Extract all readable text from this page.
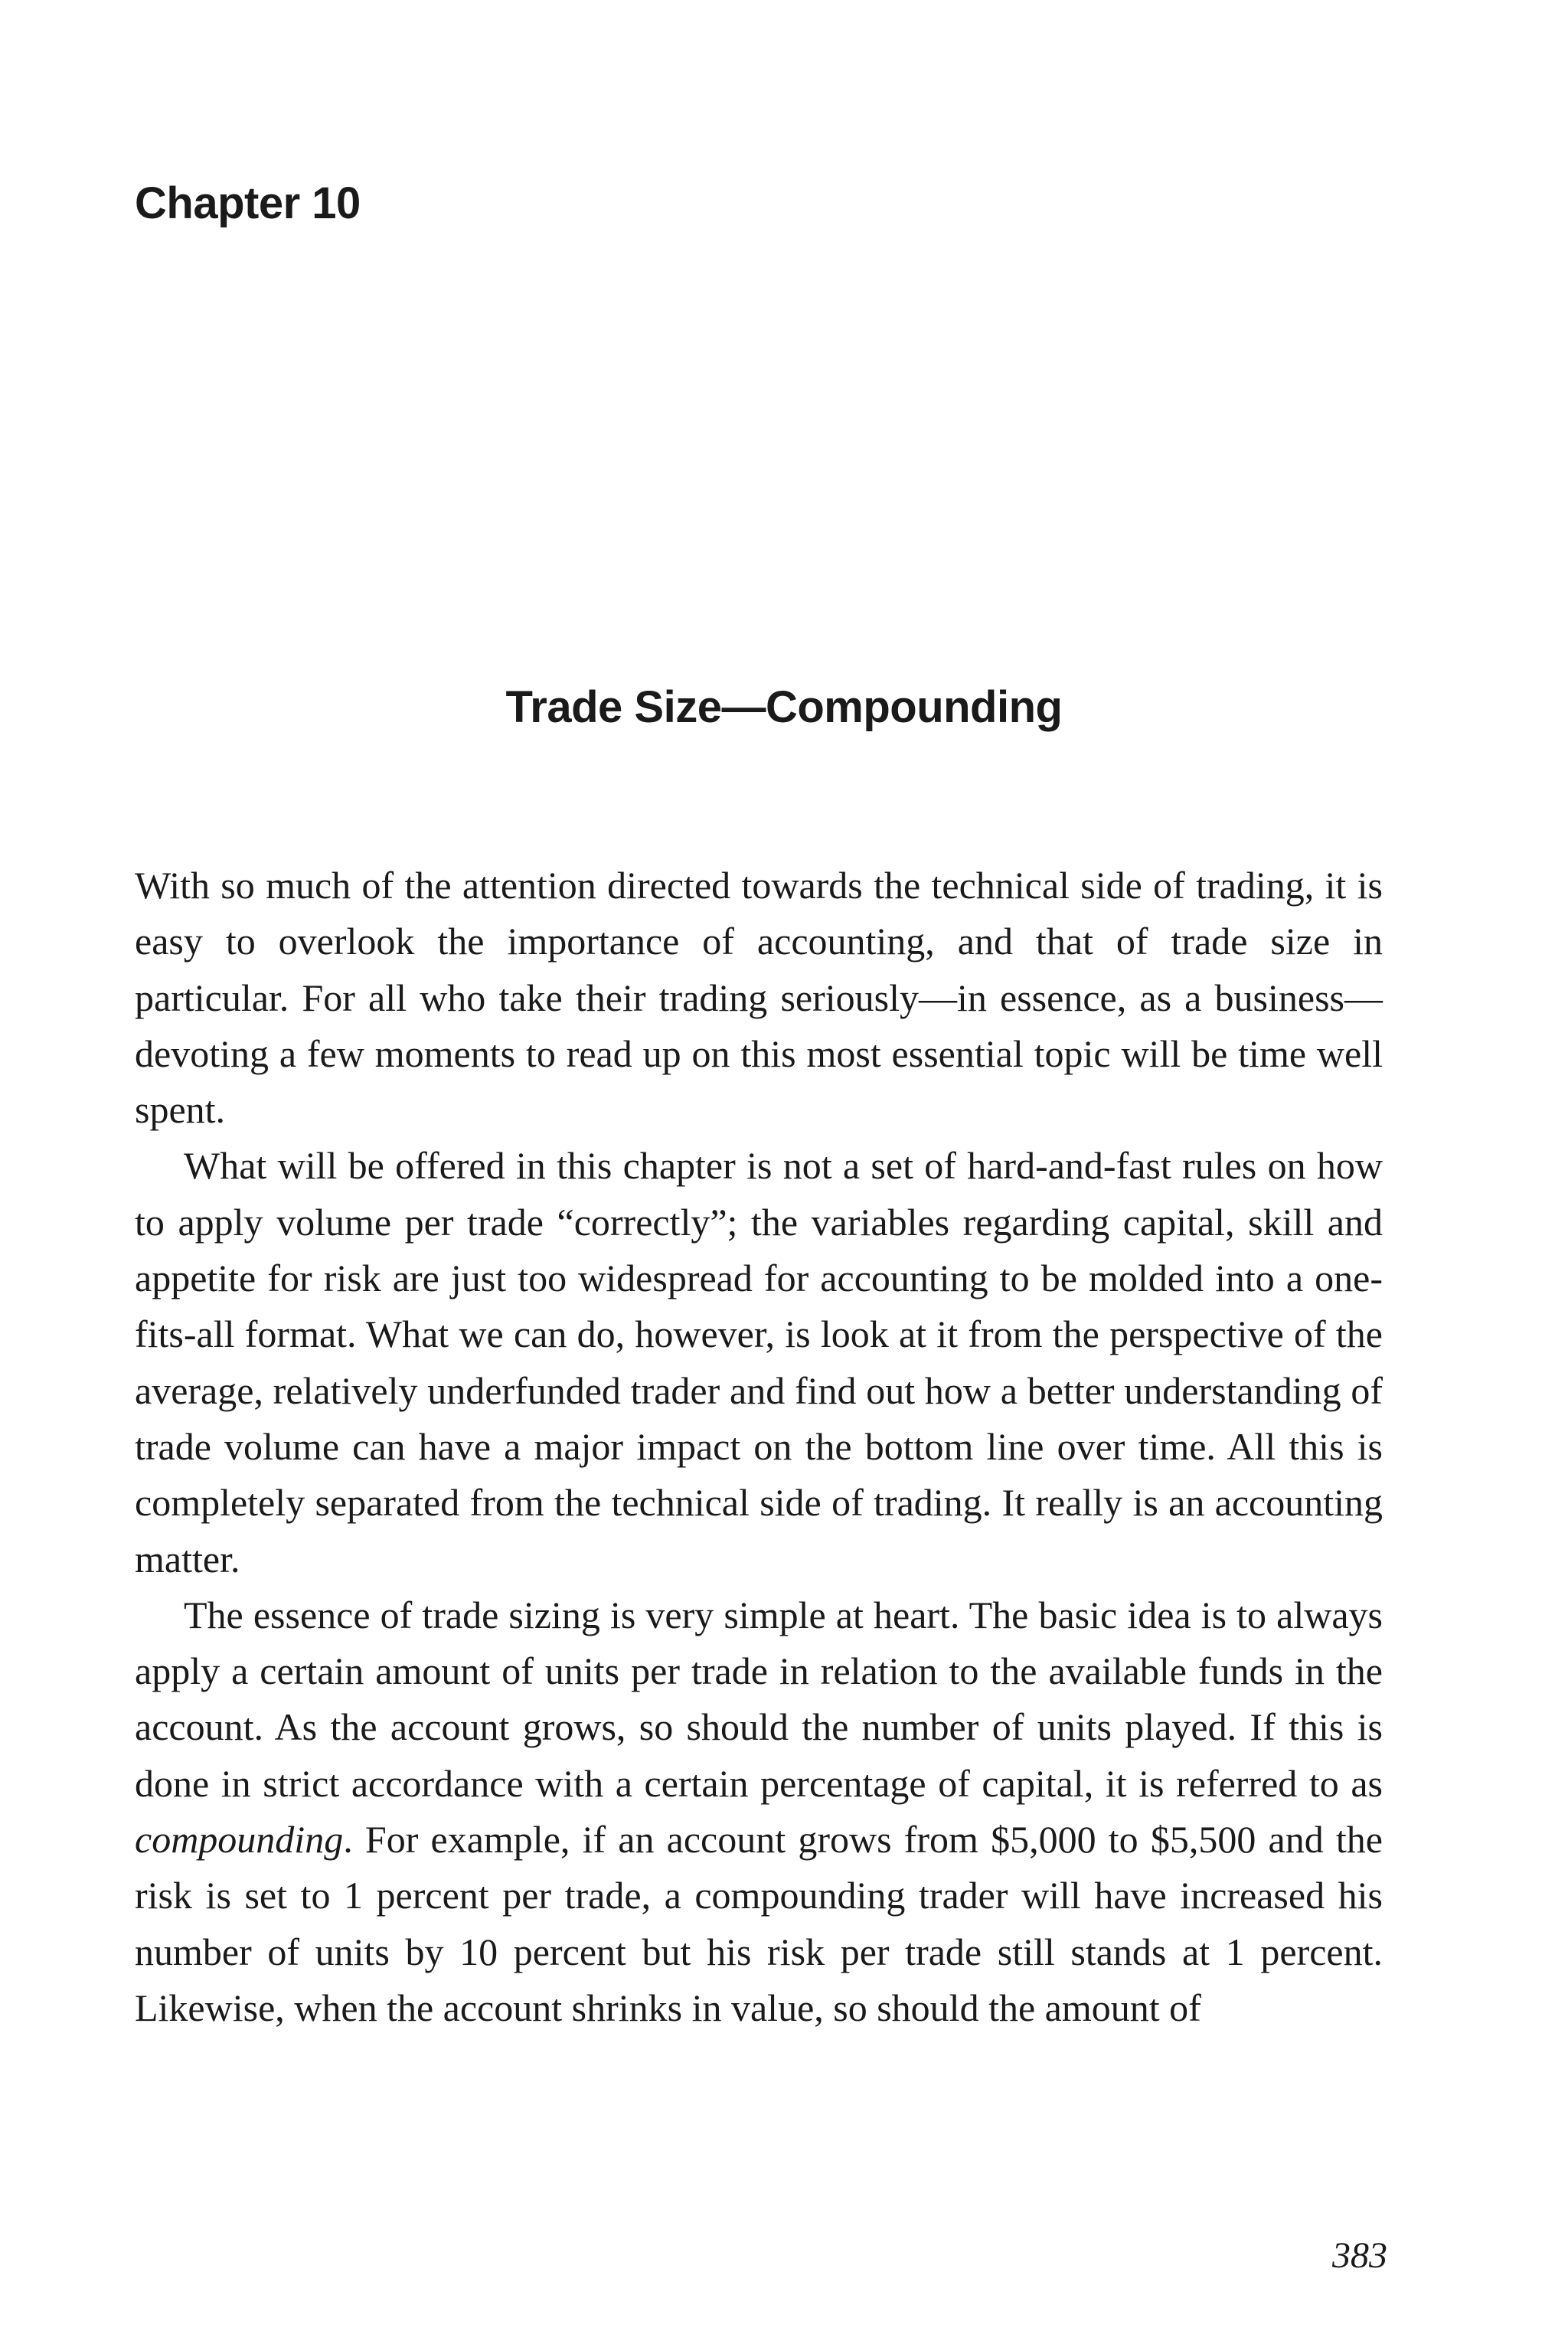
Chapter 10
Trade Size—Compounding

With so much of the attention directed towards the technical side of trading, it is easy to overlook the importance of accounting, and that of trade size in particular. For all who take their trading seriously—in essence, as a business—devoting a few moments to read up on this most essential topic will be time well spent.

What will be offered in this chapter is not a set of hard-and-fast rules on how to apply volume per trade “correctly”; the variables regarding capital, skill and appetite for risk are just too widespread for accounting to be molded into a one-fits-all format. What we can do, however, is look at it from the perspective of the average, relatively underfunded trader and find out how a better understanding of trade volume can have a major impact on the bottom line over time. All this is completely separated from the technical side of trading. It really is an accounting matter.

The essence of trade sizing is very simple at heart. The basic idea is to always apply a certain amount of units per trade in relation to the available funds in the account. As the account grows, so should the number of units played. If this is done in strict accordance with a certain percentage of capital, it is referred to as compounding. For example, if an account grows from $5,000 to $5,500 and the risk is set to 1 percent per trade, a compounding trader will have increased his number of units by 10 percent but his risk per trade still stands at 1 percent. Likewise, when the account shrinks in value, so should the amount of

383
